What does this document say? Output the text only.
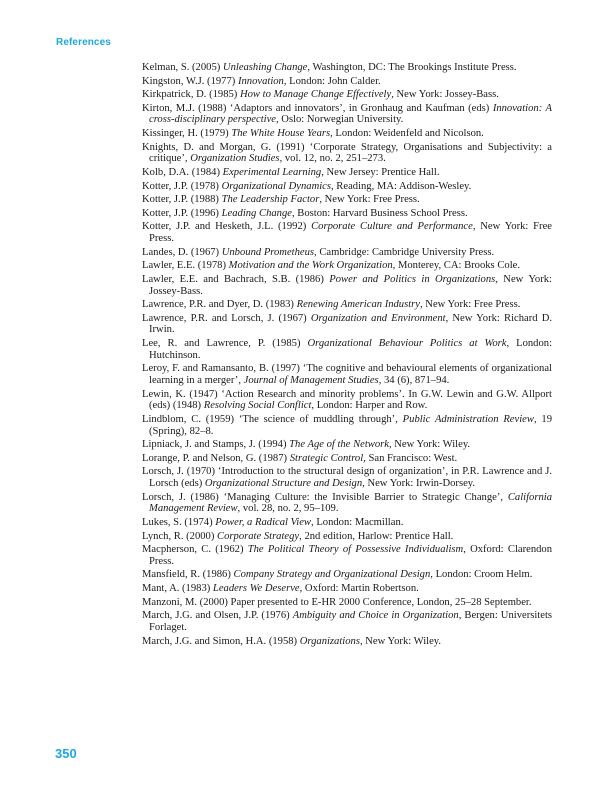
References
Kelman, S. (2005) Unleashing Change, Washington, DC: The Brookings Institute Press.
Kingston, W.J. (1977) Innovation, London: John Calder.
Kirkpatrick, D. (1985) How to Manage Change Effectively, New York: Jossey-Bass.
Kirton, M.J. (1988) ‘Adaptors and innovators’, in Gronhaug and Kaufman (eds) Innovation: A cross-disciplinary perspective, Oslo: Norwegian University.
Kissinger, H. (1979) The White House Years, London: Weidenfeld and Nicolson.
Knights, D. and Morgan, G. (1991) ‘Corporate Strategy, Organisations and Subjectivity: a critique’, Organization Studies, vol. 12, no. 2, 251–273.
Kolb, D.A. (1984) Experimental Learning, New Jersey: Prentice Hall.
Kotter, J.P. (1978) Organizational Dynamics, Reading, MA: Addison-Wesley.
Kotter, J.P. (1988) The Leadership Factor, New York: Free Press.
Kotter, J.P. (1996) Leading Change, Boston: Harvard Business School Press.
Kotter, J.P. and Hesketh, J.L. (1992) Corporate Culture and Performance, New York: Free Press.
Landes, D. (1967) Unbound Prometheus, Cambridge: Cambridge University Press.
Lawler, E.E. (1978) Motivation and the Work Organization, Monterey, CA: Brooks Cole.
Lawler, E.E. and Bachrach, S.B. (1986) Power and Politics in Organizations, New York: Jossey-Bass.
Lawrence, P.R. and Dyer, D. (1983) Renewing American Industry, New York: Free Press.
Lawrence, P.R. and Lorsch, J. (1967) Organization and Environment, New York: Richard D. Irwin.
Lee, R. and Lawrence, P. (1985) Organizational Behaviour Politics at Work, London: Hutchinson.
Leroy, F. and Ramansanto, B. (1997) ‘The cognitive and behavioural elements of organizational learning in a merger’, Journal of Management Studies, 34 (6), 871–94.
Lewin, K. (1947) ‘Action Research and minority problems’. In G.W. Lewin and G.W. Allport (eds) (1948) Resolving Social Conflict, London: Harper and Row.
Lindblom, C. (1959) ‘The science of muddling through’, Public Administration Review, 19 (Spring), 82–8.
Lipniack, J. and Stamps, J. (1994) The Age of the Network, New York: Wiley.
Lorange, P. and Nelson, G. (1987) Strategic Control, San Francisco: West.
Lorsch, J. (1970) ‘Introduction to the structural design of organization’, in P.R. Lawrence and J. Lorsch (eds) Organizational Structure and Design, New York: Irwin-Dorsey.
Lorsch, J. (1986) ‘Managing Culture: the Invisible Barrier to Strategic Change’, California Management Review, vol. 28, no. 2, 95–109.
Lukes, S. (1974) Power, a Radical View, London: Macmillan.
Lynch, R. (2000) Corporate Strategy, 2nd edition, Harlow: Prentice Hall.
Macpherson, C. (1962) The Political Theory of Possessive Individualism, Oxford: Clarendon Press.
Mansfield, R. (1986) Company Strategy and Organizational Design, London: Croom Helm.
Mant, A. (1983) Leaders We Deserve, Oxford: Martin Robertson.
Manzoni, M. (2000) Paper presented to E-HR 2000 Conference, London, 25–28 September.
March, J.G. and Olsen, J.P. (1976) Ambiguity and Choice in Organization, Bergen: Universitets Forlaget.
March, J.G. and Simon, H.A. (1958) Organizations, New York: Wiley.
350
